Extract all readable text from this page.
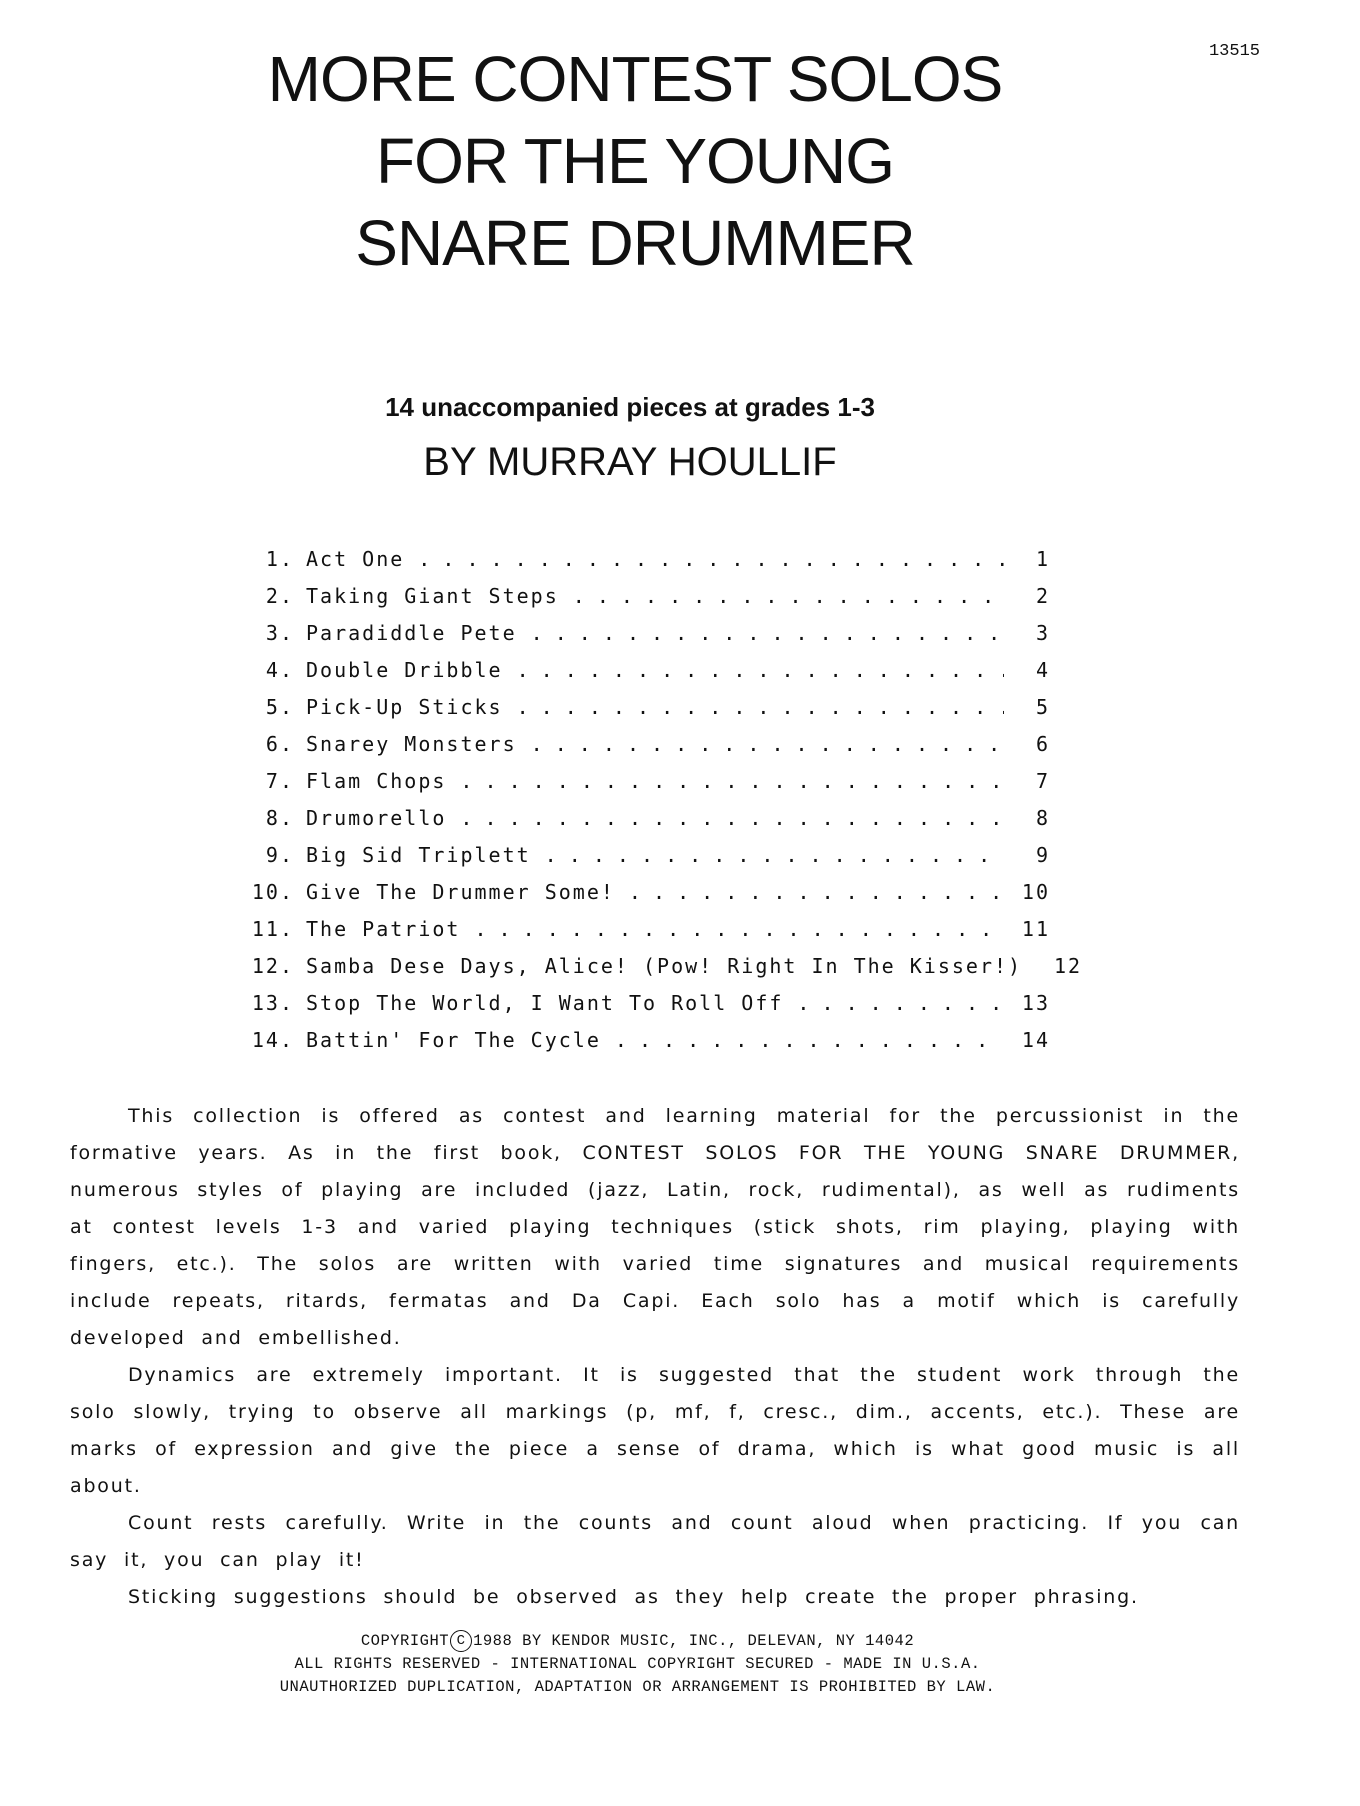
13515
MORE CONTEST SOLOS
FOR THE YOUNG
SNARE DRUMMER
14 unaccompanied pieces at grades 1-3
BY MURRAY HOULLIF
1. Act One . . .	1
2. Taking Giant Steps . . .	2
3. Paradiddle Pete . . .	3
4. Double Dribble . . .	4
5. Pick-Up Sticks . . .	5
6. Snarey Monsters . . .	6
7. Flam Chops . . .	7
8. Drumorello . . .	8
9. Big Sid Triplett . . .	9
10. Give The Drummer Some! . . .	10
11. The Patriot . . .	11
12. Samba Dese Days, Alice! (Pow! Right In The Kisser!)	12
13. Stop The World, I Want To Roll Off . . .	13
14. Battin' For The Cycle . . .	14

This collection is offered as contest and learning material for the percussionist in the formative years. As in the first book, CONTEST SOLOS FOR THE YOUNG SNARE DRUMMER, numerous styles of playing are included (jazz, Latin, rock, rudimental), as well as rudiments at contest levels 1-3 and varied playing techniques (stick shots, rim playing, playing with fingers, etc.). The solos are written with varied time signatures and musical requirements include repeats, ritards, fermatas and Da Capi. Each solo has a motif which is carefully developed and embellished.

Dynamics are extremely important. It is suggested that the student work through the solo slowly, trying to observe all markings (p, mf, f, cresc., dim., accents, etc.). These are marks of expression and give the piece a sense of drama, which is what good music is all about.

Count rests carefully. Write in the counts and count aloud when practicing. If you can say it, you can play it!

Sticking suggestions should be observed as they help create the proper phrasing.

COPYRIGHT C 1988 BY KENDOR MUSIC, INC., DELEVAN, NY 14042
ALL RIGHTS RESERVED - INTERNATIONAL COPYRIGHT SECURED - MADE IN U.S.A.
UNAUTHORIZED DUPLICATION, ADAPTATION OR ARRANGEMENT IS PROHIBITED BY LAW.
